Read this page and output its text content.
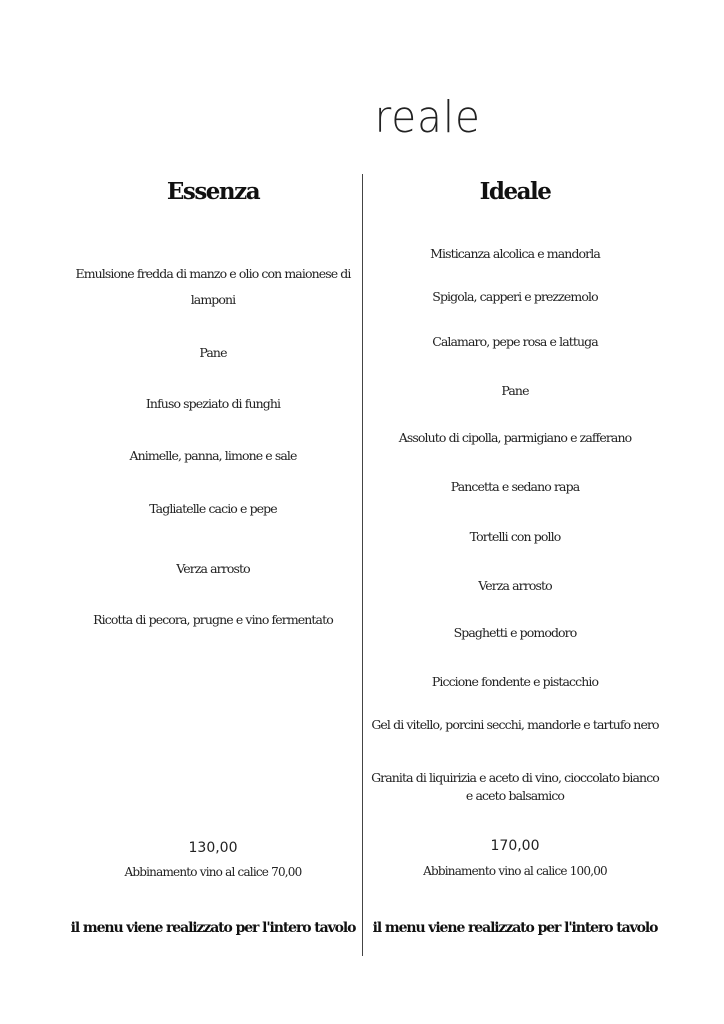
reale
Essenza
Emulsione fredda di manzo e olio con maionese di lamponi
Pane
Infuso speziato di funghi
Animelle, panna, limone e sale
Tagliatelle cacio e pepe
Verza arrosto
Ricotta di pecora, prugne e vino fermentato
130,00
Abbinamento vino al calice 70,00
il menu viene realizzato per l'intero tavolo
Ideale
Misticanza alcolica e mandorla
Spigola, capperi e prezzemolo
Calamaro, pepe rosa e lattuga
Pane
Assoluto di cipolla, parmigiano e zafferano
Pancetta e sedano rapa
Tortelli con pollo
Verza arrosto
Spaghetti e pomodoro
Piccione fondente e pistacchio
Gel di vitello, porcini secchi, mandorle e tartufo nero
Granita di liquirizia e aceto di vino, cioccolato bianco e aceto balsamico
170,00
Abbinamento vino al calice 100,00
il menu viene realizzato per l'intero tavolo
